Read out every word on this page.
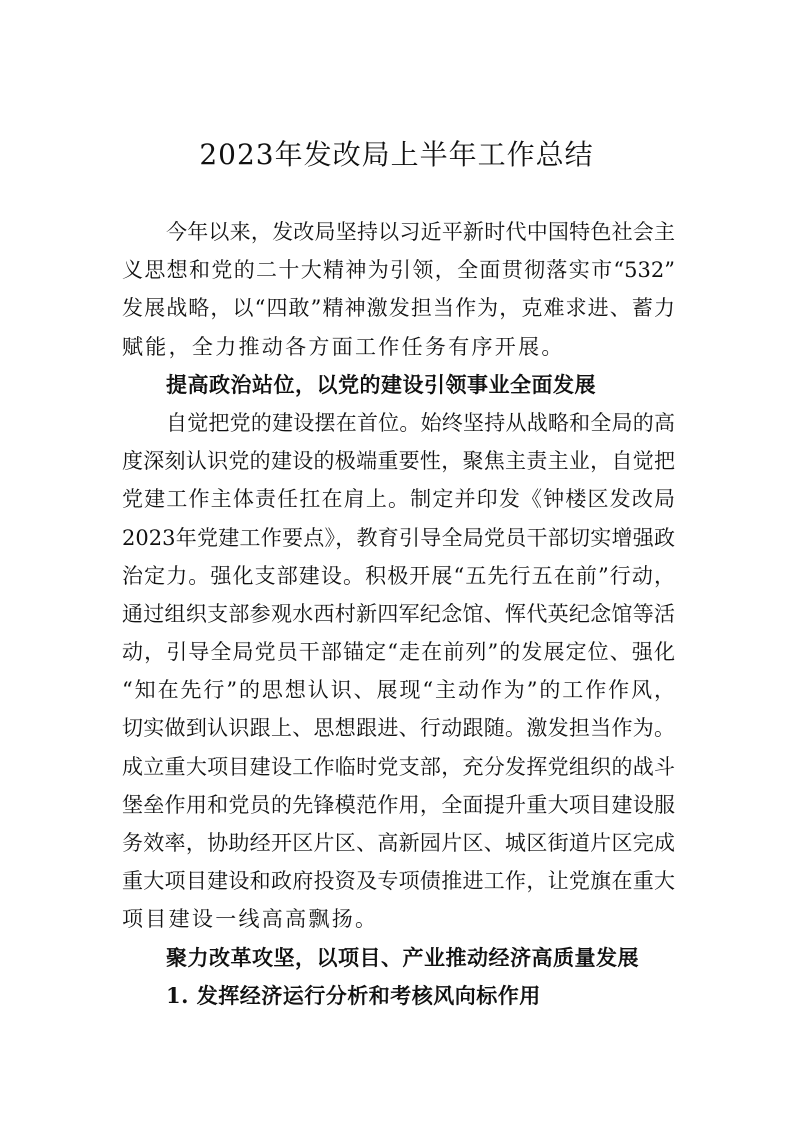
2023年发改局上半年工作总结
今年以来，发改局坚持以习近平新时代中国特色社会主
义思想和党的二十大精神为引领，全面贯彻落实市“532”
发展战略，以“四敢”精神激发担当作为，克难求进、蓄力
赋能，全力推动各方面工作任务有序开展。
提高政治站位，以党的建设引领事业全面发展
自觉把党的建设摆在首位。始终坚持从战略和全局的高
度深刻认识党的建设的极端重要性，聚焦主责主业，自觉把
党建工作主体责任扛在肩上。制定并印发《钟楼区发改局
2023年党建工作要点》，教育引导全局党员干部切实增强政
治定力。强化支部建设。积极开展“五先行五在前”行动，
通过组织支部参观水西村新四军纪念馆、恽代英纪念馆等活
动，引导全局党员干部锚定“走在前列”的发展定位、强化
“知在先行”的思想认识、展现“主动作为”的工作作风，
切实做到认识跟上、思想跟进、行动跟随。激发担当作为。
成立重大项目建设工作临时党支部，充分发挥党组织的战斗
堡垒作用和党员的先锋模范作用，全面提升重大项目建设服
务效率，协助经开区片区、高新园片区、城区街道片区完成
重大项目建设和政府投资及专项债推进工作，让党旗在重大
项目建设一线高高飘扬。
聚力改革攻坚，以项目、产业推动经济高质量发展
1. 发挥经济运行分析和考核风向标作用
